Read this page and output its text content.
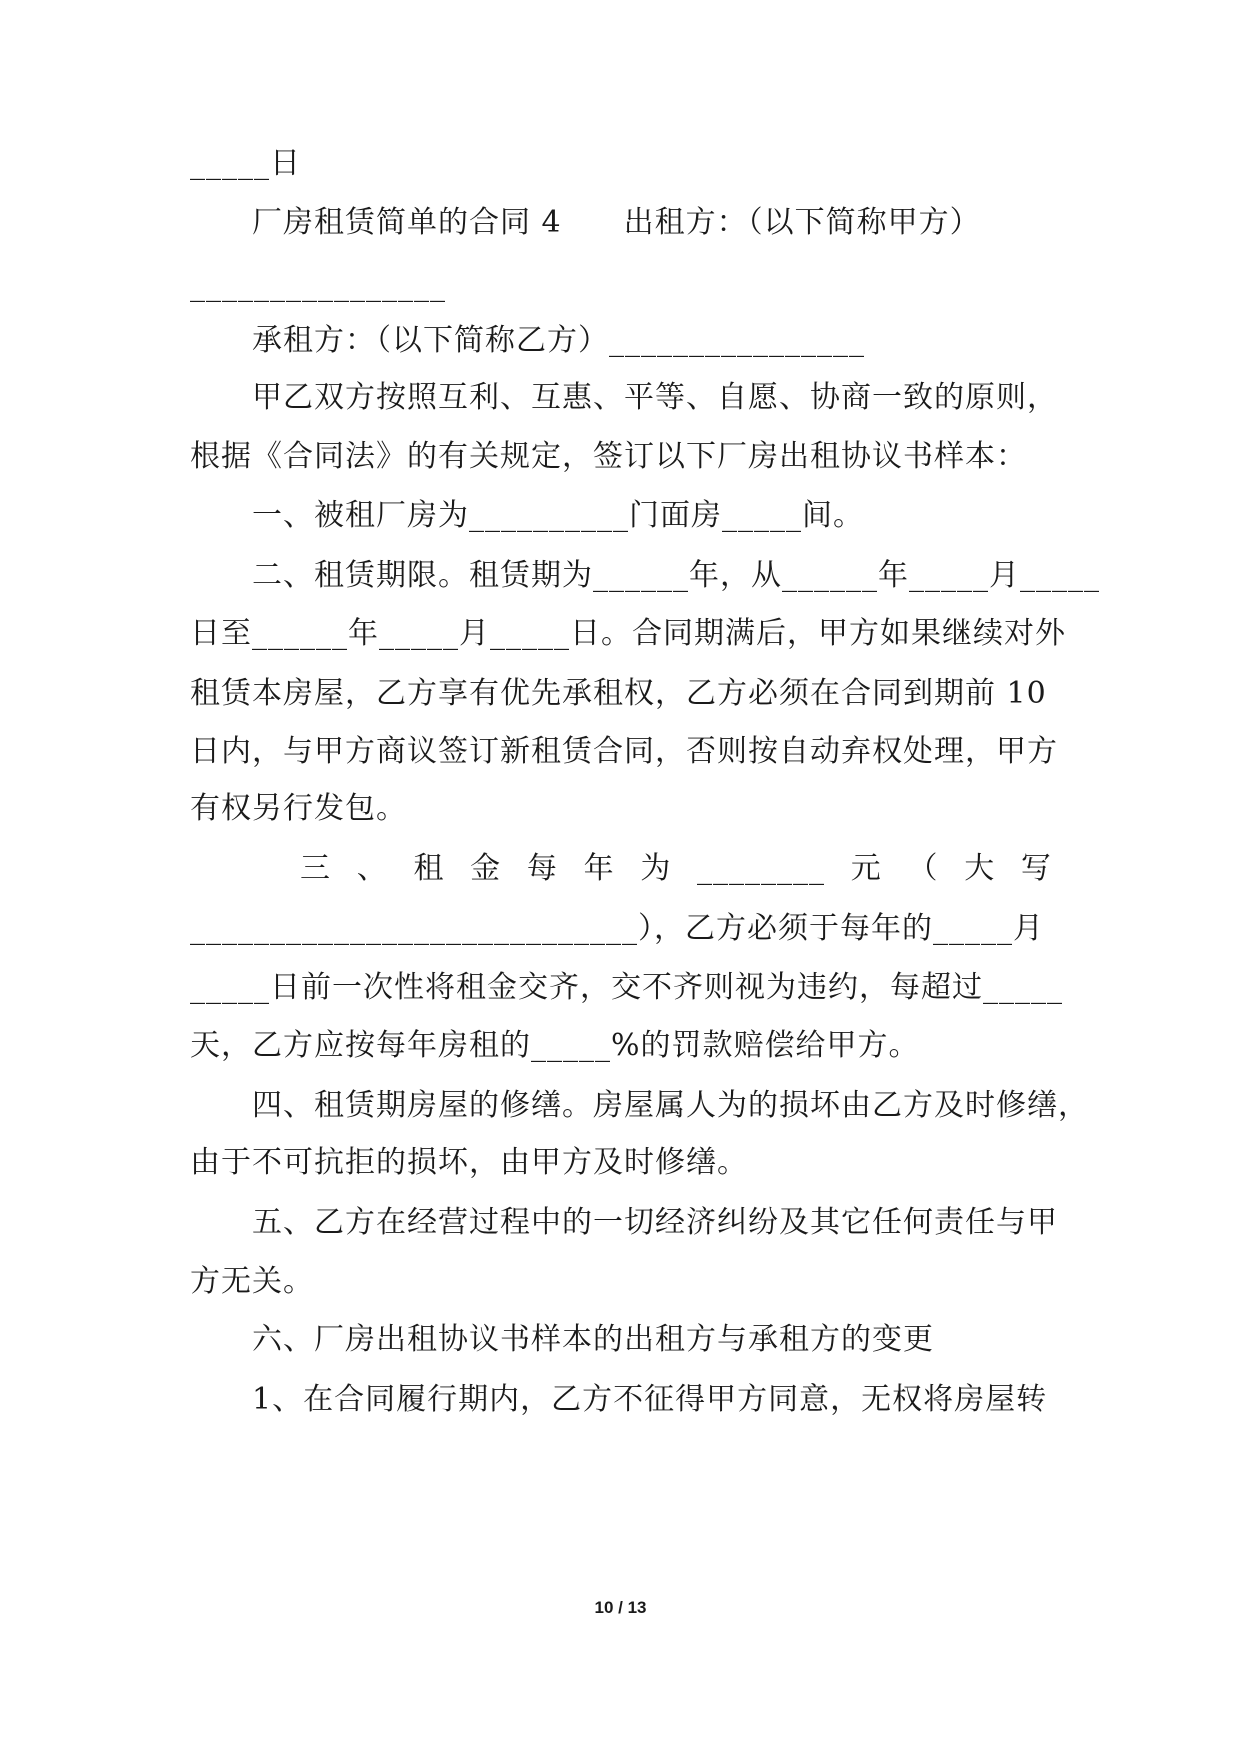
_____日
厂房租赁简单的合同 4　　出租方：（以下简称甲方）
________________
承租方：（以下简称乙方）________________
甲乙双方按照互利、互惠、平等、自愿、协商一致的原则，
根据《合同法》的有关规定，签订以下厂房出租协议书样本：
一、被租厂房为__________门面房_____间。
二、租赁期限。租赁期为______年，从______年_____月_____
日至______年_____月_____日。合同期满后，甲方如果继续对外
租赁本房屋，乙方享有优先承租权，乙方必须在合同到期前 10
日内，与甲方商议签订新租赁合同，否则按自动弃权处理，甲方
有权另行发包。
三 、 租 金 每 年 为 ________ 元 （ 大 写
____________________________），乙方必须于每年的_____月
_____日前一次性将租金交齐，交不齐则视为违约，每超过_____
天，乙方应按每年房租的_____%的罚款赔偿给甲方。
四、租赁期房屋的修缮。房屋属人为的损坏由乙方及时修缮，
由于不可抗拒的损坏，由甲方及时修缮。
五、乙方在经营过程中的一切经济纠纷及其它任何责任与甲
方无关。
六、厂房出租协议书样本的出租方与承租方的变更
1、在合同履行期内，乙方不征得甲方同意，无权将房屋转
10 / 13
